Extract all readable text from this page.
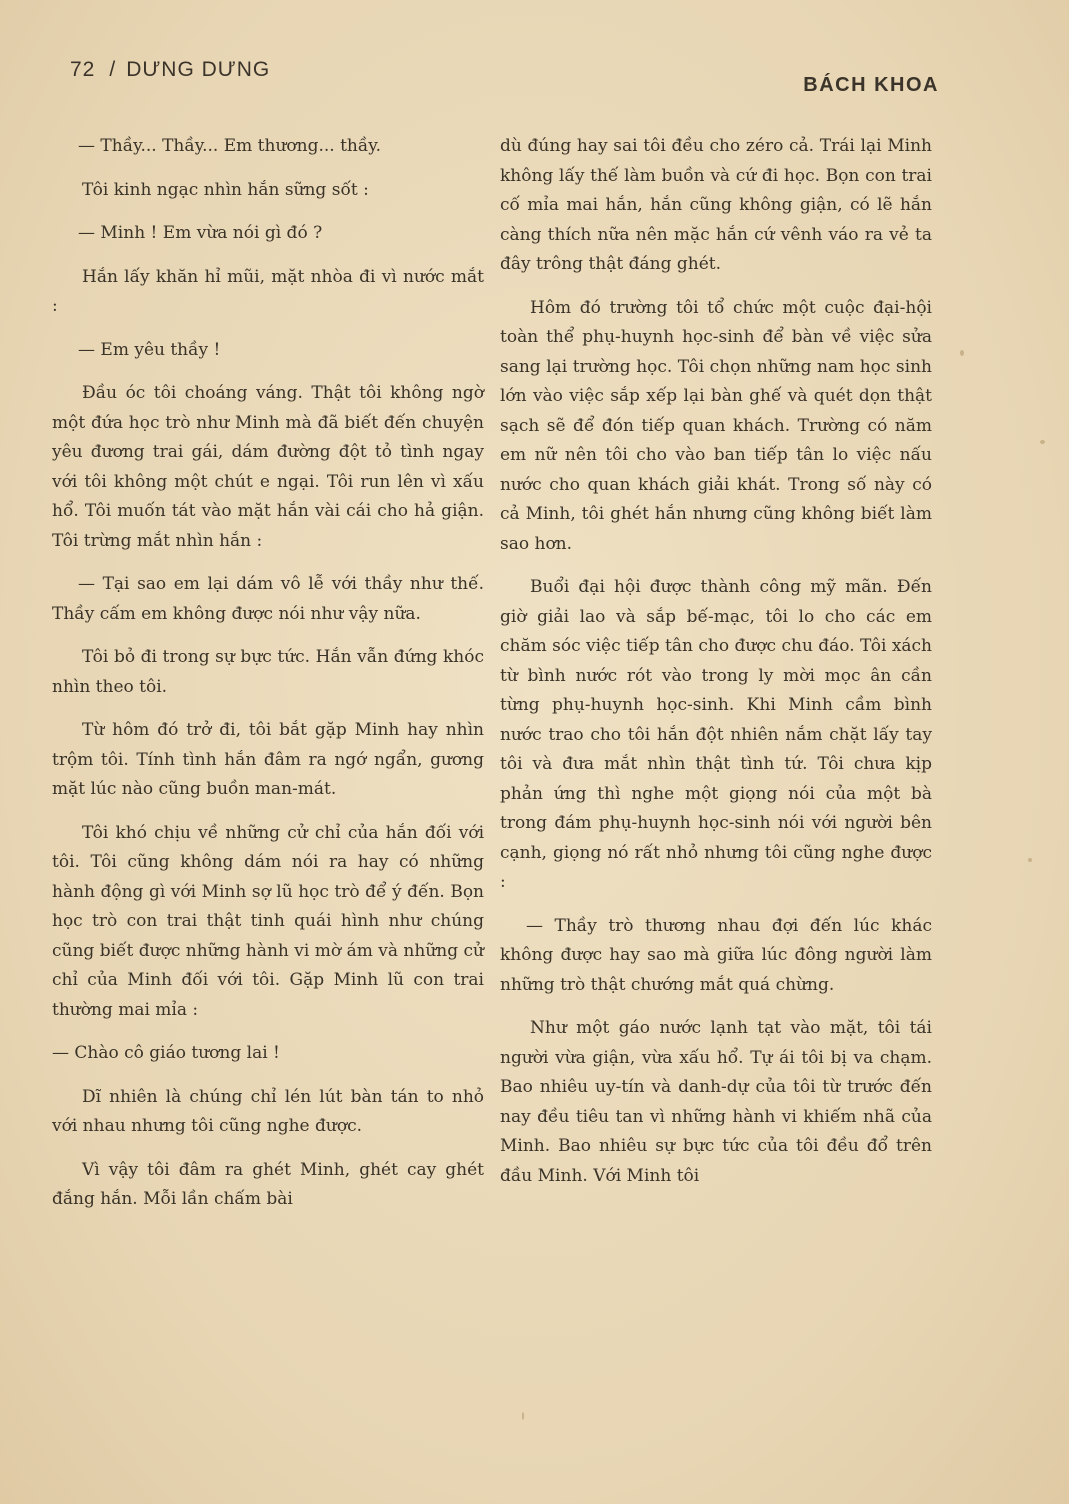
72 / DƯNG DƯNG
BÁCH KHOA

— Thầy... Thầy... Em thương... thầy.

Tôi kinh ngạc nhìn hắn sững sốt :

— Minh ! Em vừa nói gì đó ?

Hắn lấy khăn hỉ mũi, mặt nhòa đi vì nước mắt :

— Em yêu thầy !

Đầu óc tôi choáng váng. Thật tôi không ngờ một đứa học trò như Minh mà đã biết đến chuyện yêu đương trai gái, dám đường đột tỏ tình ngay với tôi không một chút e ngại. Tôi run lên vì xấu hổ. Tôi muốn tát vào mặt hắn vài cái cho hả giận. Tôi trừng mắt nhìn hắn :

— Tại sao em lại dám vô lễ với thầy như thế. Thầy cấm em không được nói như vậy nữa.

Tôi bỏ đi trong sự bực tức. Hắn vẫn đứng khóc nhìn theo tôi.

Từ hôm đó trở đi, tôi bắt gặp Minh hay nhìn trộm tôi. Tính tình hắn đâm ra ngớ ngẩn, gương mặt lúc nào cũng buồn man-mát.

Tôi khó chịu về những cử chỉ của hắn đối với tôi. Tôi cũng không dám nói ra hay có những hành động gì với Minh sợ lũ học trò để ý đến. Bọn học trò con trai thật tinh quái hình như chúng cũng biết được những hành vi mờ ám và những cử chỉ của Minh đối với tôi. Gặp Minh lũ con trai thường mai mỉa :

— Chào cô giáo tương lai !

Dĩ nhiên là chúng chỉ lén lút bàn tán to nhỏ với nhau nhưng tôi cũng nghe được.

Vì vậy tôi đâm ra ghét Minh, ghét cay ghét đắng hắn. Mỗi lần chấm bài

dù đúng hay sai tôi đều cho zéro cả. Trái lại Minh không lấy thế làm buồn và cứ đi học. Bọn con trai cố mỉa mai hắn, hắn cũng không giận, có lẽ hắn càng thích nữa nên mặc hắn cứ vênh váo ra vẻ ta đây trông thật đáng ghét.

Hôm đó trường tôi tổ chức một cuộc đại-hội toàn thể phụ-huynh học-sinh để bàn về việc sửa sang lại trường học. Tôi chọn những nam học sinh lớn vào việc sắp xếp lại bàn ghế và quét dọn thật sạch sẽ để đón tiếp quan khách. Trường có năm em nữ nên tôi cho vào ban tiếp tân lo việc nấu nước cho quan khách giải khát. Trong số này có cả Minh, tôi ghét hắn nhưng cũng không biết làm sao hơn.

Buổi đại hội được thành công mỹ mãn. Đến giờ giải lao và sắp bế-mạc, tôi lo cho các em chăm sóc việc tiếp tân cho được chu đáo. Tôi xách từ bình nước rót vào trong ly mời mọc ân cần từng phụ-huynh học-sinh. Khi Minh cầm bình nước trao cho tôi hắn đột nhiên nắm chặt lấy tay tôi và đưa mắt nhìn thật tình tứ. Tôi chưa kịp phản ứng thì nghe một giọng nói của một bà trong đám phụ-huynh học-sinh nói với người bên cạnh, giọng nó rất nhỏ nhưng tôi cũng nghe được :

— Thầy trò thương nhau đợi đến lúc khác không được hay sao mà giữa lúc đông người làm những trò thật chướng mắt quá chừng.

Như một gáo nước lạnh tạt vào mặt, tôi tái người vừa giận, vừa xấu hổ. Tự ái tôi bị va chạm. Bao nhiêu uy-tín và danh-dự của tôi từ trước đến nay đều tiêu tan vì những hành vi khiếm nhã của Minh. Bao nhiêu sự bực tức của tôi đều đổ trên đầu Minh. Với Minh tôi
